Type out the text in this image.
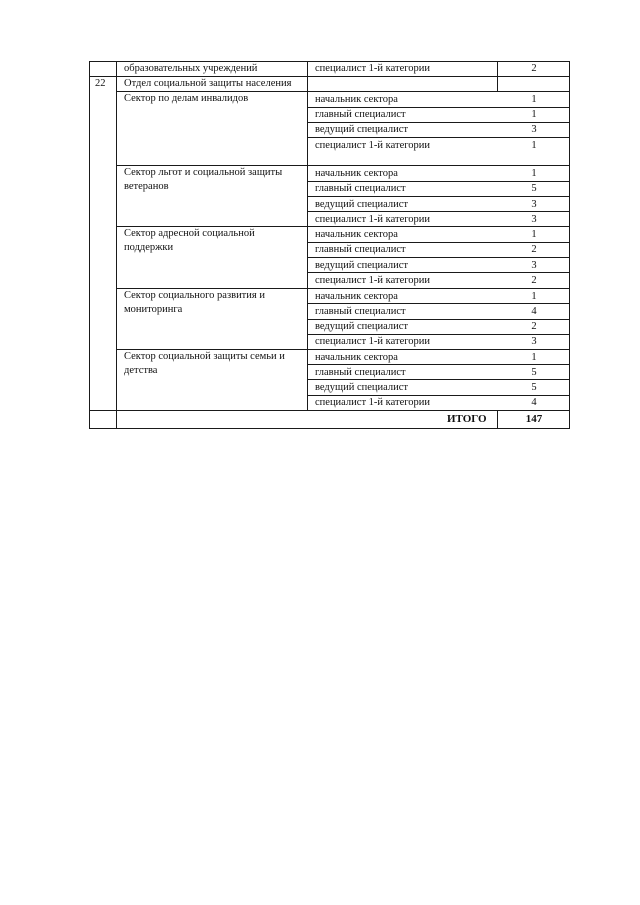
образовательных учреждений	специалист 1-й категории	2
22 Отдел социальной защиты населения
Сектор по делам инвалидов	начальник сектора	1
главный специалист	1
ведущий специалист	3
специалист 1-й категории	1
Сектор льгот и социальной защиты ветеранов
начальник сектора	1
главный специалист	5
ведущий специалист	3
специалист 1-й категории	3
Сектор адресной социальной поддержки
начальник сектора	1
главный специалист	2
ведущий специалист	3
специалист 1-й категории	2
Сектор социального развития и мониторинга
начальник сектора	1
главный специалист	4
ведущий специалист	2
специалист 1-й категории	3
Сектор социальной защиты семьи и детства
начальник сектора	1
главный специалист	5
ведущий специалист	5
специалист 1-й категории	4
ИТОГО	147
